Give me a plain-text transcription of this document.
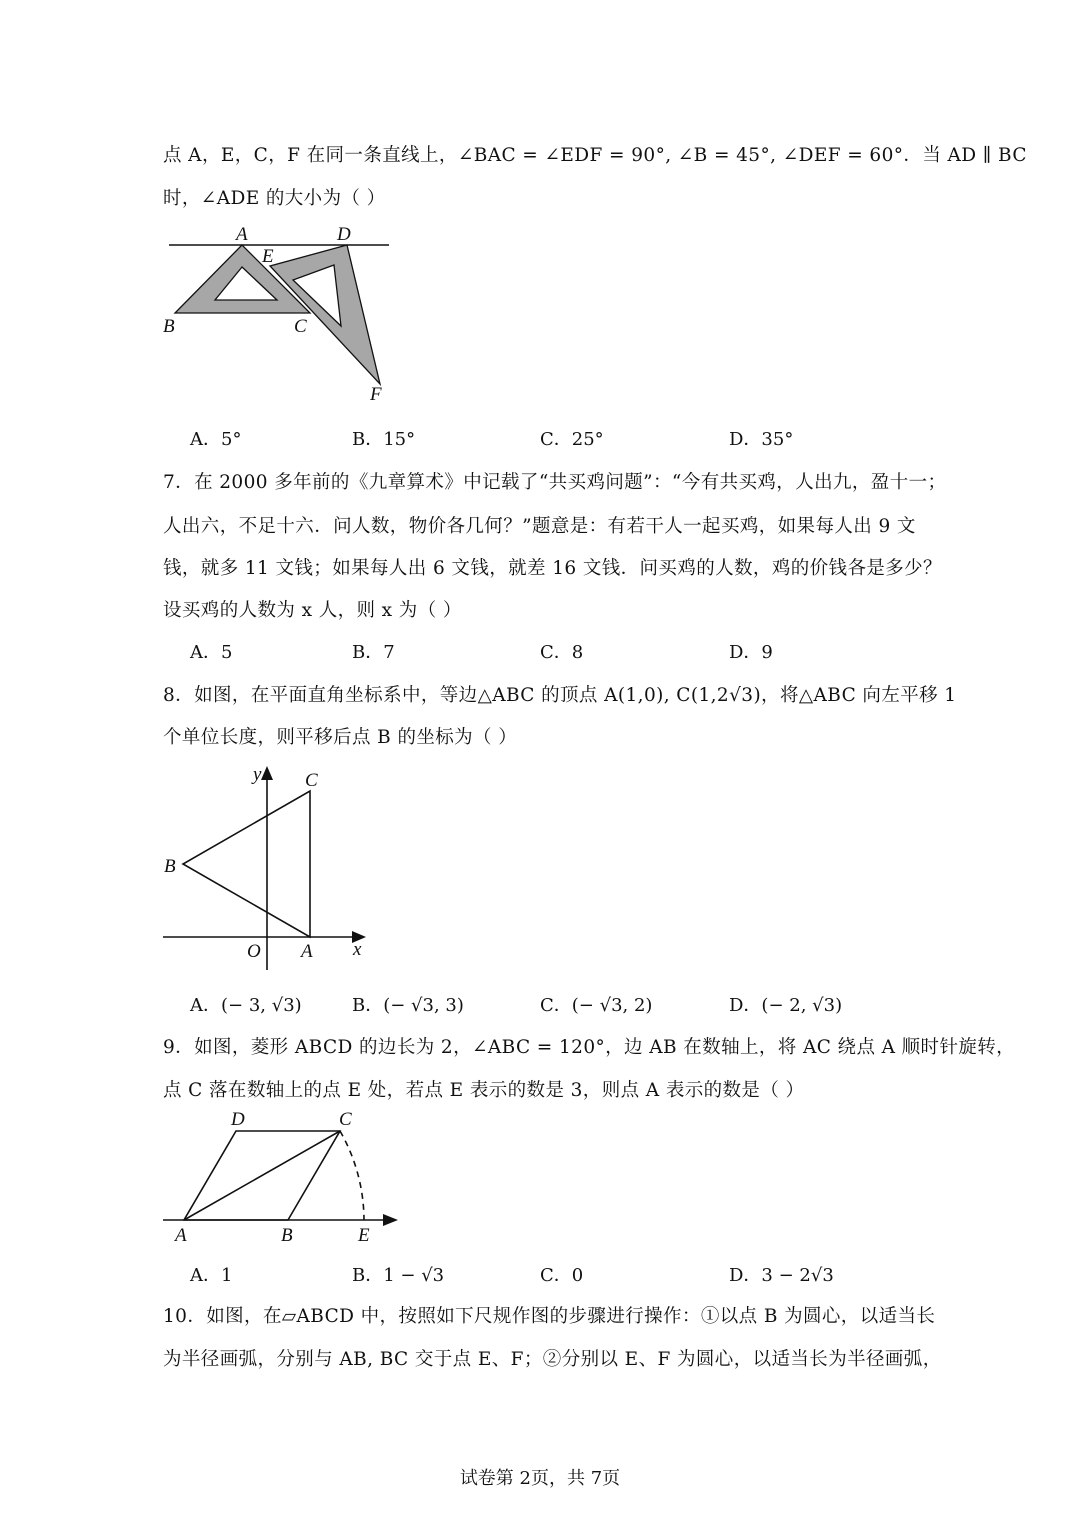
点 A，E，C，F 在同一条直线上，∠BAC = ∠EDF = 90°, ∠B = 45°, ∠DEF = 60°．当 AD ∥ BC
时，∠ADE 的大小为（ ）
A	D
E
B	C
F
A．5°	B．15°	C．25°	D．35°
7．在 2000 多年前的《九章算术》中记载了“共买鸡问题”：“今有共买鸡，人出九，盈十一；
人出六，不足十六．问人数，物价各几何？”题意是：有若干人一起买鸡，如果每人出 9 文
钱，就多 11 文钱；如果每人出 6 文钱，就差 16 文钱．问买鸡的人数，鸡的价钱各是多少？
设买鸡的人数为 x 人，则 x 为（ ）
A．5	B．7	C．8	D．9
8．如图，在平面直角坐标系中，等边△ABC 的顶点 A(1,0), C(1,2√3)，将△ABC 向左平移 1
个单位长度，则平移后点 B 的坐标为（ ）
y
x
O A
B
C
A．(− 3, √3)	B．(− √3, 3)	C．(− √3, 2)	D．(− 2, √3)
9．如图，菱形 ABCD 的边长为 2，∠ABC = 120°，边 AB 在数轴上，将 AC 绕点 A 顺时针旋转，
点 C 落在数轴上的点 E 处，若点 E 表示的数是 3，则点 A 表示的数是（ ）
D	C
A	B	E
A．1	B．1 − √3	C．0	D．3 − 2√3
10．如图，在▱ABCD 中，按照如下尺规作图的步骤进行操作：①以点 B 为圆心，以适当长
为半径画弧，分别与 AB, BC 交于点 E、F；②分别以 E、F 为圆心，以适当长为半径画弧，
试卷第 2页，共 7页
